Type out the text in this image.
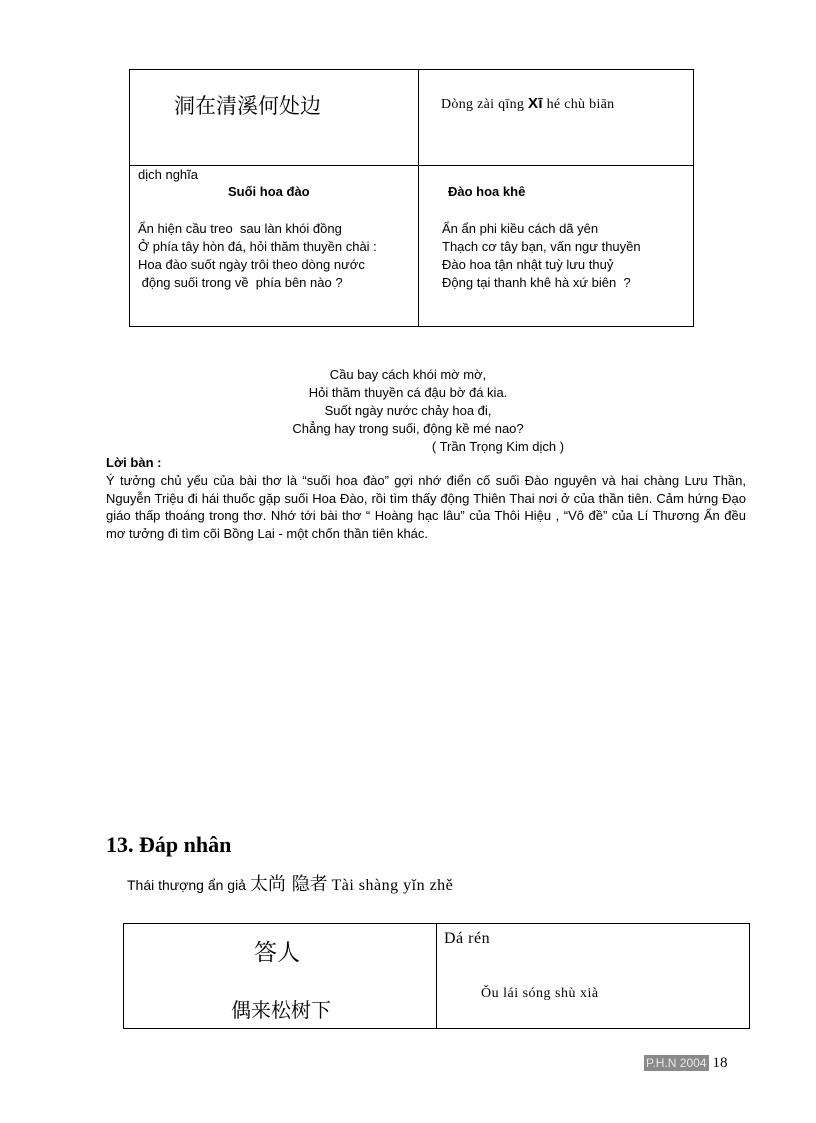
洞在清溪何处边	Dòng zài qīng Xī hé chù biān
dịch nghĩa
Suối hoa đào	Đào hoa khê
Ẩn hiện cầu treo  sau làn khói đồng
Ở phía tây hòn đá, hỏi thăm thuyền chài :
Hoa đào suốt ngày trôi theo dòng nước
động suối trong về  phía bên nào ?
Ẩn ẩn phi kiều cách dã yên
Thạch cơ tây bạn, vấn ngư thuyền
Đào hoa tận nhật tuỳ lưu thuỷ
Động tại thanh khê hà xứ biên  ?
Cầu bay cách khói mờ mờ,
Hỏi thăm thuyền cá đậu bờ đá kia.
Suốt ngày nước chảy hoa đi,
Chẳng hay trong suối, động kề mé nao?
( Trần Trọng Kim dịch )
Lời bàn :
Ý tưởng chủ yếu của bài thơ là “suối hoa đào” gợi nhớ điển cố suối Đào nguyên và hai chàng Lưu Thần, Nguyễn Triệu đi hái thuốc gặp suối Hoa Đào, rồi tìm thấy động Thiên Thai nơi ở của thần tiên. Cảm hứng Đạo giáo thấp thoáng trong thơ. Nhớ tới bài thơ “ Hoàng hạc lâu” của Thôi Hiệu , “Vô đề” của Lí Thương Ẩn đều mơ tưởng đi tìm cõi Bồng Lai - một chốn thần tiên khác.
13. Đáp nhân
Thái thượng ẩn giả 太尚 隐者 Tài shàng yǐn zhě
答人
偶来松树下
Dá rén
Ǒu lái sóng shù xià
P.H.N 2004 18
